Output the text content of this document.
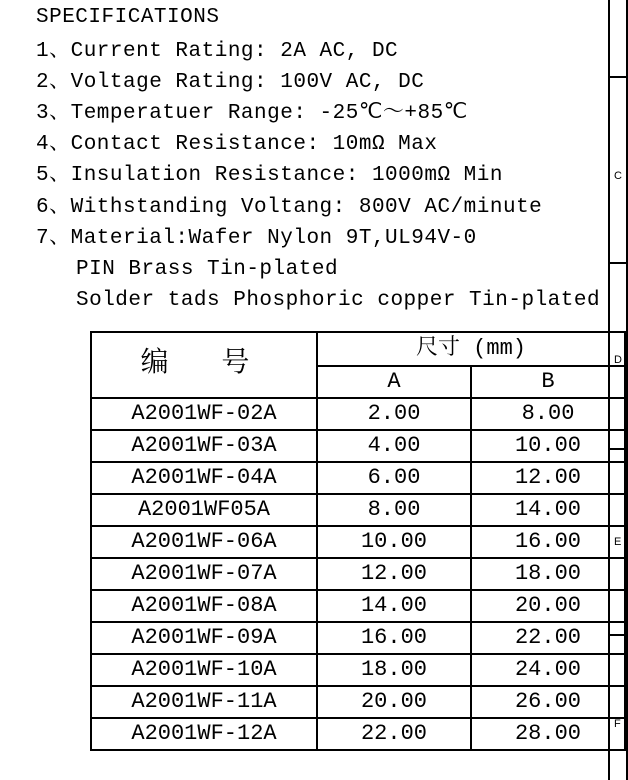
SPECIFICATIONS
1、Current Rating: 2A AC, DC
2、Voltage Rating: 100V AC, DC
3、Temperatuer Range: -25℃～+85℃
4、Contact Resistance: 10mΩ Max
5、Insulation Resistance: 1000mΩ Min
6、Withstanding Voltang: 800V AC/minute
7、Material:Wafer Nylon 9T,UL94V-0
PIN Brass Tin-plated
Solder tads Phosphoric copper Tin-plated
编 号	尺寸 (mm)	
	A	B
A2001WF-02A	2.00	8.00
A2001WF-03A	4.00	10.00
A2001WF-04A	6.00	12.00
A2001WF05A	8.00	14.00
A2001WF-06A	10.00	16.00
A2001WF-07A	12.00	18.00
A2001WF-08A	14.00	20.00
A2001WF-09A	16.00	22.00
A2001WF-10A	18.00	24.00
A2001WF-11A	20.00	26.00
A2001WF-12A	22.00	28.00
C
D
E
F
